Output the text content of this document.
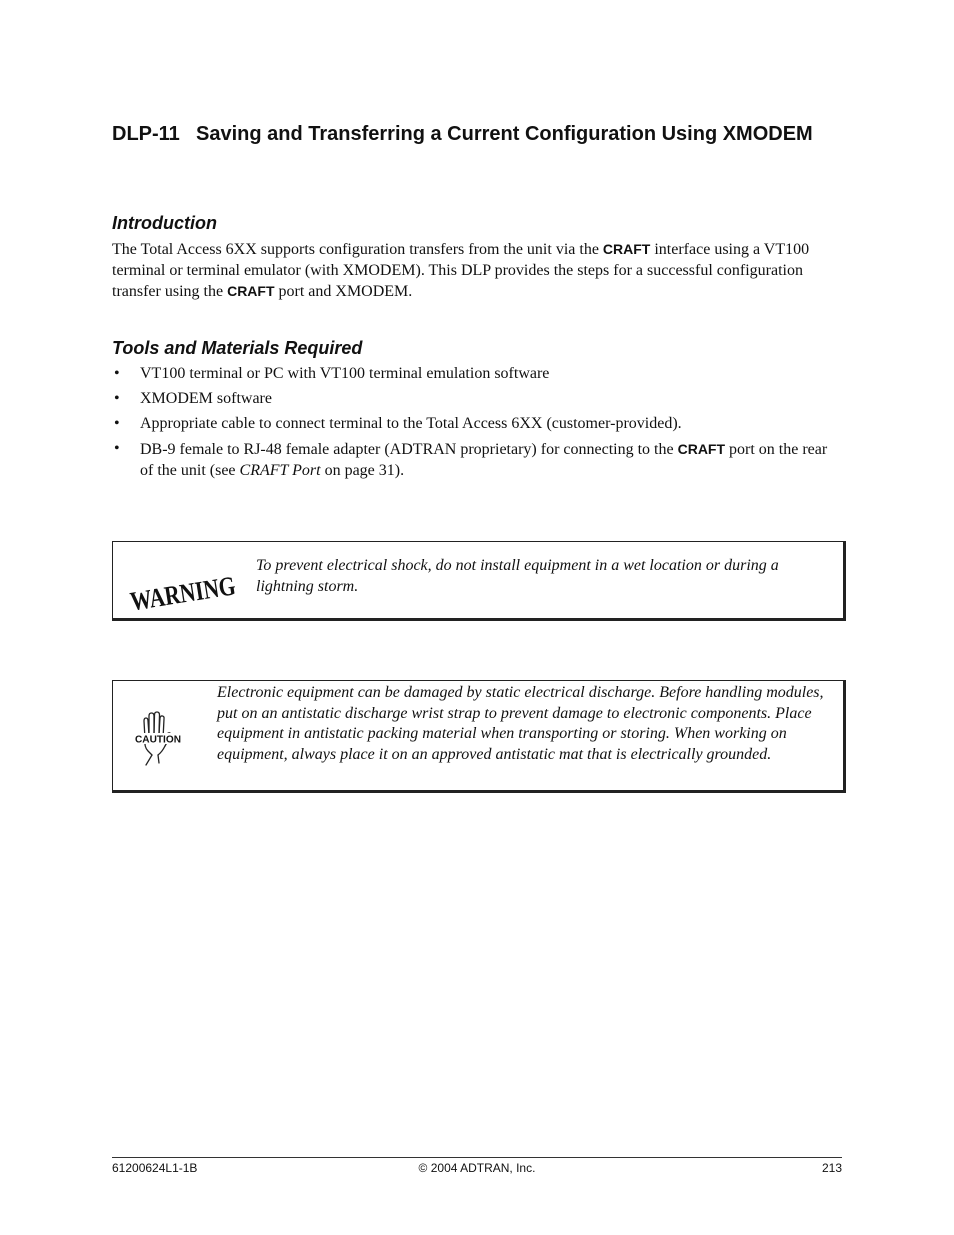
DLP-11 Saving and Transferring a Current Configuration Using XMODEM
Introduction
The Total Access 6XX supports configuration transfers from the unit via the CRAFT interface using a VT100 terminal or terminal emulator (with XMODEM). This DLP provides the steps for a successful configuration transfer using the CRAFT port and XMODEM.
Tools and Materials Required
• VT100 terminal or PC with VT100 terminal emulation software
• XMODEM software
• Appropriate cable to connect terminal to the Total Access 6XX (customer-provided).
• DB-9 female to RJ-48 female adapter (ADTRAN proprietary) for connecting to the CRAFT port on the rear of the unit (see CRAFT Port on page 31).
WARNING
To prevent electrical shock, do not install equipment in a wet location or during a lightning storm.
CAUTION
Electronic equipment can be damaged by static electrical discharge. Before handling modules, put on an antistatic discharge wrist strap to prevent damage to electronic components. Place equipment in antistatic packing material when transporting or storing. When working on equipment, always place it on an approved antistatic mat that is electrically grounded.
61200624L1-1B	© 2004 ADTRAN, Inc.	213
